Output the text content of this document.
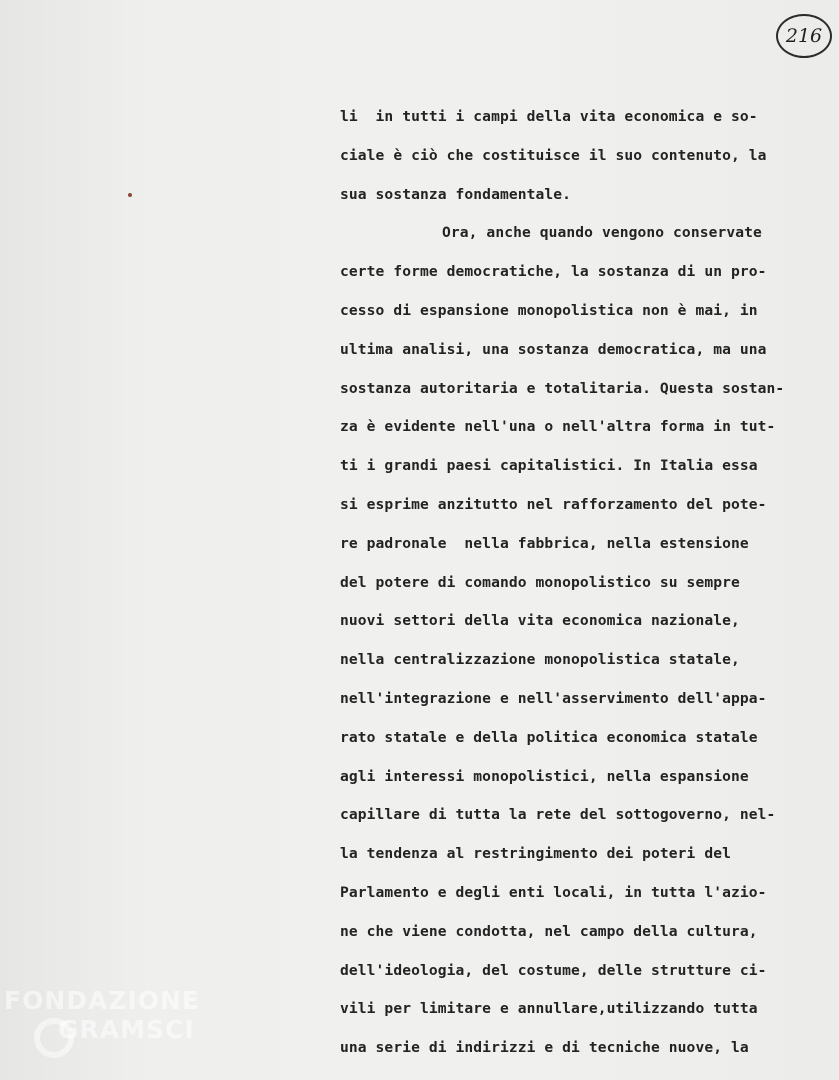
216
li  in tutti i campi della vita economica e so-
ciale è ciò che costituisce il suo contenuto, la
sua sostanza fondamentale.
Ora, anche quando vengono conservate
certe forme democratiche, la sostanza di un pro-
cesso di espansione monopolistica non è mai, in
ultima analisi, una sostanza democratica, ma una
sostanza autoritaria e totalitaria. Questa sostan-
za è evidente nell'una o nell'altra forma in tut-
ti i grandi paesi capitalistici. In Italia essa
si esprime anzitutto nel rafforzamento del pote-
re padronale  nella fabbrica, nella estensione
del potere di comando monopolistico su sempre
nuovi settori della vita economica nazionale,
nella centralizzazione monopolistica statale,
nell'integrazione e nell'asservimento dell'appa-
rato statale e della politica economica statale
agli interessi monopolistici, nella espansione
capillare di tutta la rete del sottogoverno, nel-
la tendenza al restringimento dei poteri del
Parlamento e degli enti locali, in tutta l'azio-
ne che viene condotta, nel campo della cultura,
dell'ideologia, del costume, delle strutture ci-
vili per limitare e annullare,utilizzando tutta
una serie di indirizzi e di tecniche nuove, la
FONDAZIONE
GRAMSCI
